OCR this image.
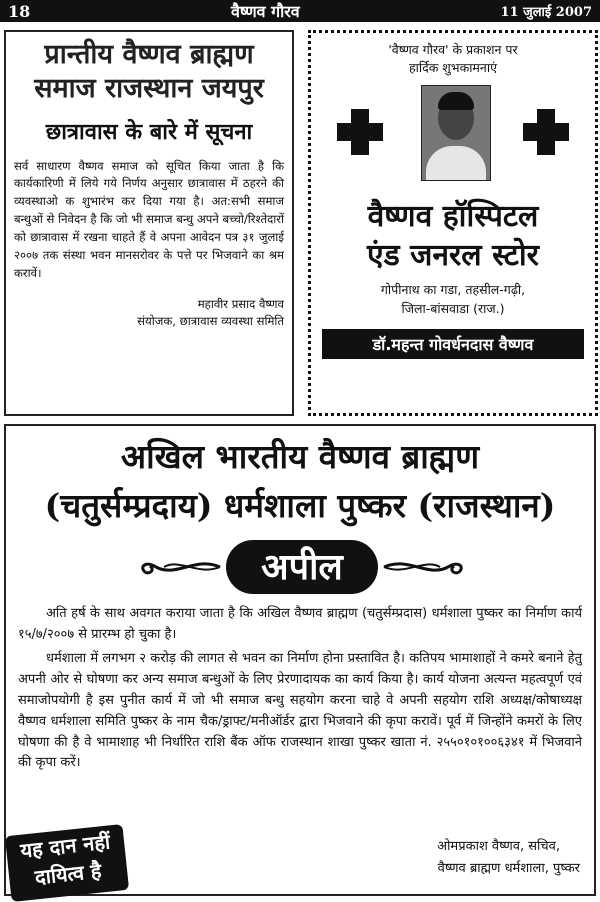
18	वैष्णव गौरव	11 जुलाई 2007
प्रान्तीय वैष्णव ब्राह्मण
समाज राजस्थान जयपुर
छात्रावास के बारे में सूचना
सर्व साधारण वैष्णव समाज को सूचित किया जाता है कि कार्यकारिणी में लिये गये निर्णय अनुसार छात्रावास में ठहरने की व्यवस्थाओ क शुभारंभ कर दिया गया है। अत:सभी समाज बन्धुओं से निवेदन है कि जो भी समाज बन्धु अपने बच्चो/रिश्तेदारों को छात्रावास में रखना चाहते हैं वे अपना आवेदन पत्र ३१ जुलाई २००७ तक संस्था भवन मानसरोवर के पत्ते पर भिजवाने का श्रम करावें।
महावीर प्रसाद वैष्णव
संयोजक, छात्रावास व्यवस्था समिति
'वैष्णव गौरव' के प्रकाशन पर
हार्दिक शुभकामनाएं
वैष्णव हॉस्पिटल
एंड जनरल स्टोर
गोपीनाथ का गडा, तहसील-गढ़ी,
जिला-बांसवाडा (राज.)
डॉ.महन्त गोवर्धनदास वैष्णव
अखिल भारतीय वैष्णव ब्राह्मण
(चतुर्सम्प्रदाय) धर्मशाला पुष्कर (राजस्थान)
अपील
अति हर्ष के साथ अवगत कराया जाता है कि अखिल वैष्णव ब्राह्मण (चतुर्सम्प्रदास) धर्मशाला पुष्कर का निर्माण कार्य १५/७/२००७ से प्रारम्भ हो चुका है।
धर्मशाला में लगभग २ करोड़ की लागत से भवन का निर्माण होना प्रस्तावित है। कतिपय भामाशाहों ने कमरे बनाने हेतु अपनी ओर से घोषणा कर अन्य समाज बन्धुओं के लिए प्रेरणादायक का कार्य किया है। कार्य योजना अत्यन्त महत्वपूर्ण एवं समाजोपयोगी है इस पुनीत कार्य में जो भी समाज बन्धु सहयोग करना चाहे वे अपनी सहयोग राशि अध्यक्ष/कोषाध्यक्ष वैष्णव धर्मशाला समिति पुष्कर के नाम चैक/ड्राफ्ट/मनीऑर्डर द्वारा भिजवाने की कृपा करावें। पूर्व में जिन्होंने कमरों के लिए घोषणा की है वे भामाशाह भी निर्धारित राशि बैंक ऑफ राजस्थान शाखा पुष्कर खाता नं. २५५०१०१००६३४१ में भिजवाने की कृपा करें।
यह दान नहीं
दायित्व है
ओमप्रकाश वैष्णव, सचिव,
वैष्णव ब्राह्मण धर्मशाला, पुष्कर
